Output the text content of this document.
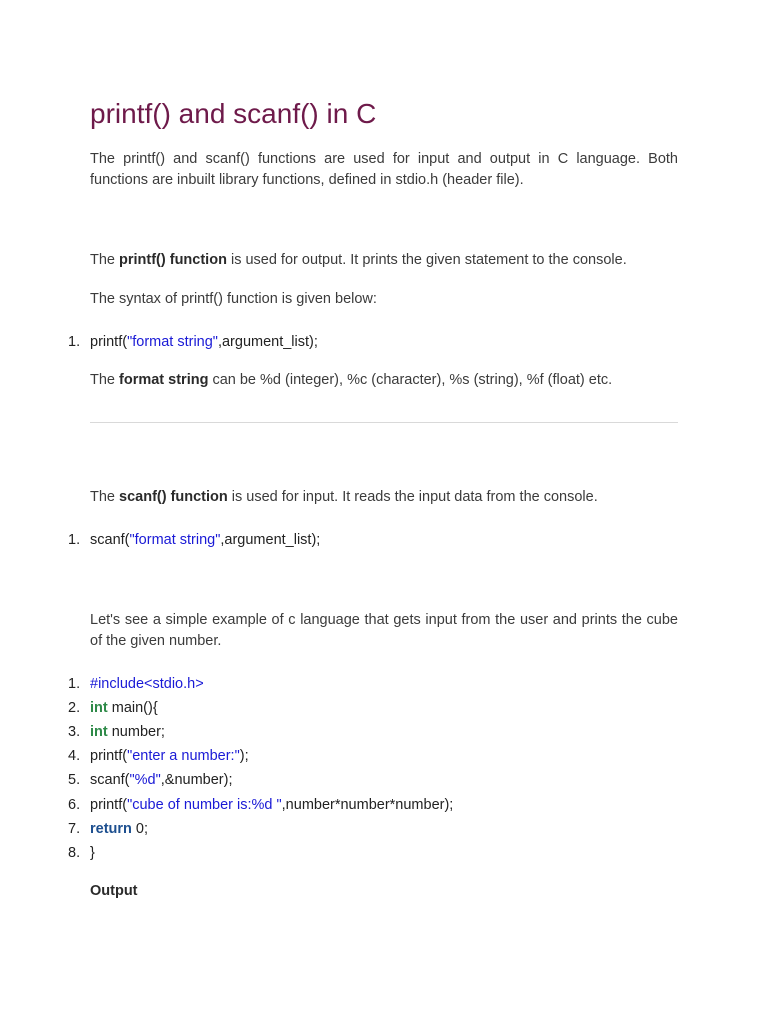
printf() and scanf() in C

The printf() and scanf() functions are used for input and output in C language. Both functions are inbuilt library functions, defined in stdio.h (header file).

The printf() function is used for output. It prints the given statement to the console.

The syntax of printf() function is given below:

1. printf("format string",argument_list);

The format string can be %d (integer), %c (character), %s (string), %f (float) etc.

The scanf() function is used for input. It reads the input data from the console.

1. scanf("format string",argument_list);

Let's see a simple example of c language that gets input from the user and prints the cube of the given number.

1. #include<stdio.h>
2. int main(){
3. int number;
4. printf("enter a number:");
5. scanf("%d",&number);
6. printf("cube of number is:%d ",number*number*number);
7. return 0;
8. }

Output
